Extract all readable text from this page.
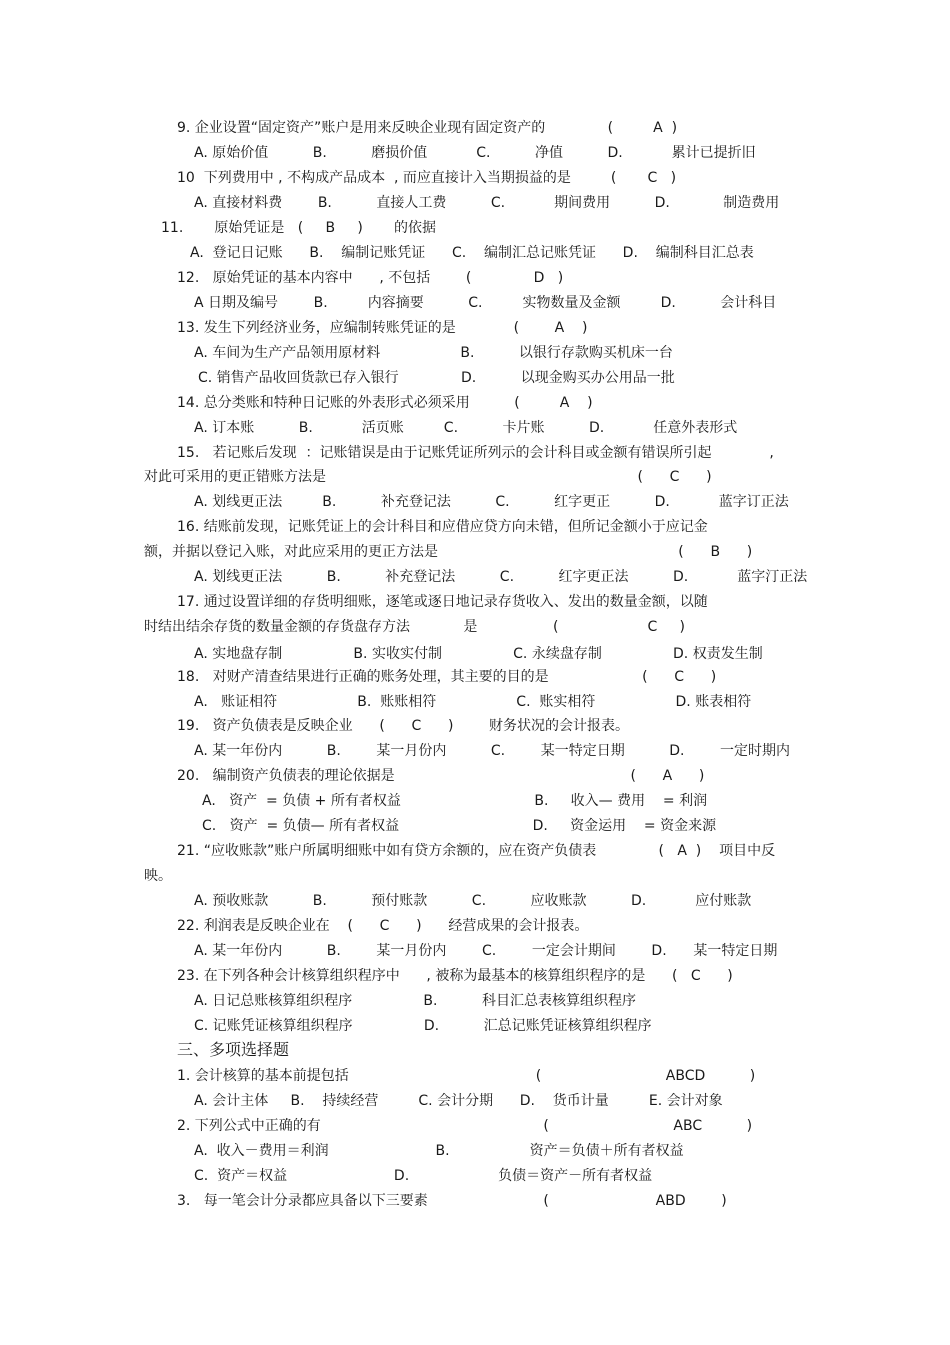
9. 企业设置“固定资产”账户是用来反映企业现有固定资产的              (         A  )
A. 原始价值          B.          磨损价值           C.          净值          D.           累计已提折旧
10  下列费用中 , 不构成产品成本  , 而应直接计入当期损益的是         (       C   )
A. 直接材料费        B.          直接人工费          C.           期间费用          D.            制造费用
11.       原始凭证是   (     B     )       的依据
A.  登记日记账      B.    编制记账凭证      C.    编制汇总记账凭证      D.    编制科目汇总表
12.   原始凭证的基本内容中      , 不包括        (              D   )
A 日期及编号        B.         内容摘要          C.         实物数量及金额         D.          会计科目
13. 发生下列经济业务，应编制转账凭证的是             (        A    )
A. 车间为生产产品领用原材料                  B.          以银行存款购买机床一台
C. 销售产品收回货款已存入银行              D.          以现金购买办公用品一批
14. 总分类账和特种日记账的外表形式必须采用          (         A    )
A. 订本账          B.           活页账         C.          卡片账          D.           任意外表形式
15.   若记账后发现  ：记账错误是由于记账凭证所列示的会计科目或金额有错误所引起             ,
对此可采用的更正错账方法是                                                                      (      C      )
A. 划线更正法         B.          补充登记法          C.          红字更正          D.           蓝字订正法
16. 结账前发现，记账凭证上的会计科目和应借应贷方向未错，但所记金额小于应记金
额，并据以登记入账，对此应采用的更正方法是                                                      (      B      )
A. 划线更正法          B.          补充登记法          C.          红字更正法          D.           蓝字汀正法
17. 通过设置详细的存货明细账，逐笔或逐日地记录存货收入、发出的数量金额，以随
时结出结余存货的数量金额的存货盘存方法            是                 (                    C     )
A. 实地盘存制                B. 实收实付制                C. 永续盘存制                D. 权责发生制
18.   对财产清查结果进行正确的账务处理，其主要的目的是                     (      C      )
A.   账证相符                  B.  账账相符                  C.  账实相符                  D. 账表相符
19.   资产负债表是反映企业      (      C      )        财务状况的会计报表。
A. 某一年份内          B.        某一月份内          C.        某一特定日期          D.        一定时期内
20.   编制资产负债表的理论依据是                                                     (      A      )
A.   资产  = 负债 + 所有者权益                              B.     收入— 费用    = 利润
C.   资产  = 负债— 所有者权益                              D.     资金运用    = 资金来源
21. “应收账款”账户所属明细账中如有贷方余额的，应在资产负债表              (   A  )    项目中反
映。
A. 预收账款          B.          预付账款          C.          应收账款          D.           应付账款
22. 利润表是反映企业在    (      C      )      经营成果的会计报表。
A. 某一年份内          B.        某一月份内        C.        一定会计期间        D.      某一特定日期
23. 在下列各种会计核算组织程序中      , 被称为最基本的核算组织程序的是      (   C      )
A. 日记总账核算组织程序                B.          科目汇总表核算组织程序
C. 记账凭证核算组织程序                D.          汇总记账凭证核算组织程序
三、多项选择题
1. 会计核算的基本前提包括                                          (                            ABCD          )
A. 会计主体     B.    持续经营         C. 会计分期      D.    货币计量         E. 会计对象
2. 下列公式中正确的有                                                  (                            ABC          )
A.  收入－费用＝利润                        B.                  资产＝负债＋所有者权益
C.  资产＝权益                        D.                    负债＝资产－所有者权益
3.   每一笔会计分录都应具备以下三要素                          (                        ABD        )
